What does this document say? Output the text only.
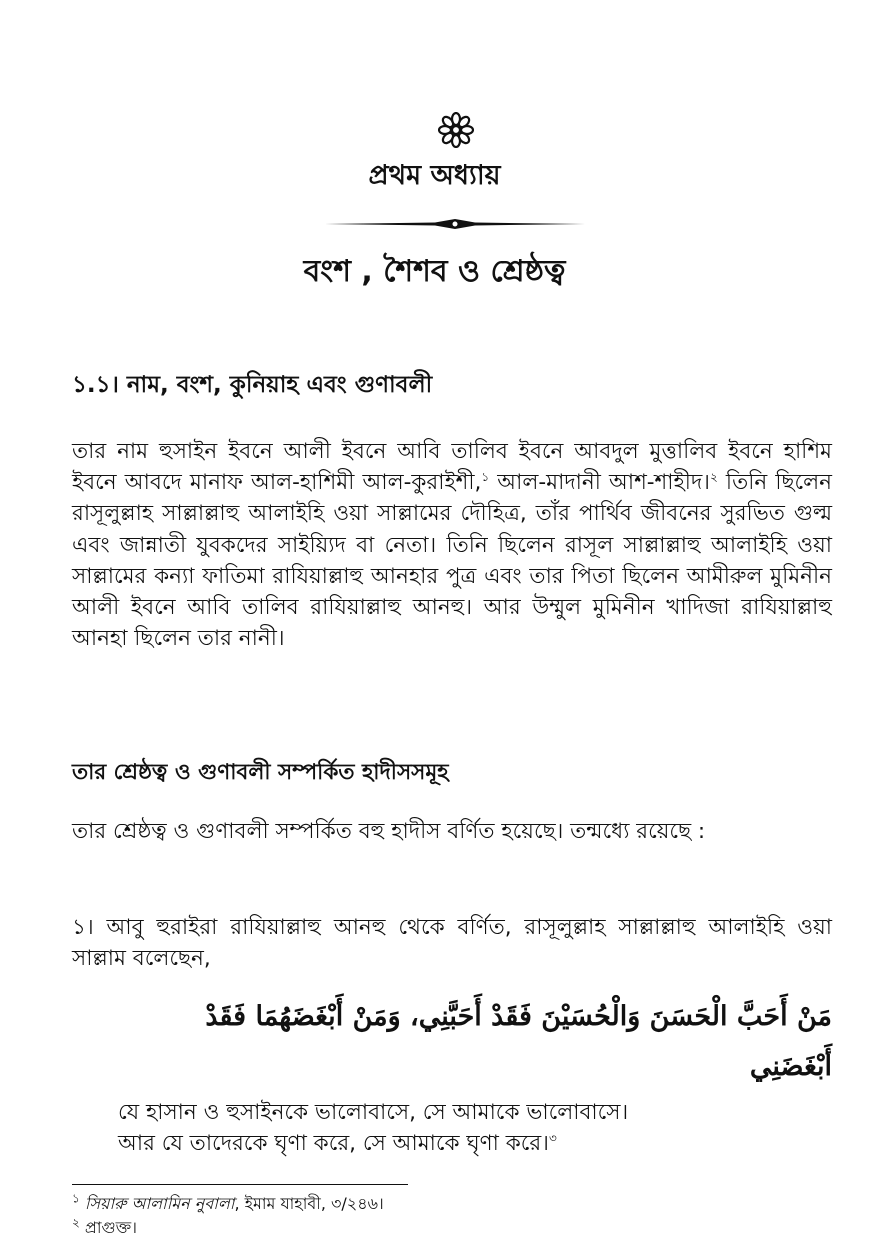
প্রথম অধ্যায়
বংশ , শৈশব ও শ্রেষ্ঠত্ব
১.১। নাম, বংশ, কুনিয়াহ এবং গুণাবলী
তার নাম হুসাইন ইবনে আলী ইবনে আবি তালিব ইবনে আবদুল মুত্তালিব ইবনে হাশিম ইবনে আবদে মানাফ আল-হাশিমী আল-কুরাইশী,$^১$ আল-মাদানী আশ-শাহীদ।$^২$ তিনি ছিলেন রাসূলুল্লাহ সাল্লাল্লাহু আলাইহি ওয়া সাল্লামের দৌহিত্র, তাঁর পার্থিব জীবনের সুরভিত গুল্ম এবং জান্নাতী যুবকদের সাইয়্যিদ বা নেতা। তিনি ছিলেন রাসূল সাল্লাল্লাহু আলাইহি ওয়া সাল্লামের কন্যা ফাতিমা রাযিয়াল্লাহু আনহার পুত্র এবং তার পিতা ছিলেন আমীরুল মুমিনীন আলী ইবনে আবি তালিব রাযিয়াল্লাহু আনহু। আর উম্মুল মুমিনীন খাদিজা রাযিয়াল্লাহু আনহা ছিলেন তার নানী।
তার শ্রেষ্ঠত্ব ও গুণাবলী সম্পর্কিত হাদীসসমূহ
তার শ্রেষ্ঠত্ব ও গুণাবলী সম্পর্কিত বহু হাদীস বর্ণিত হয়েছে। তন্মধ্যে রয়েছে :
১। আবু হুরাইরা রাযিয়াল্লাহু আনহু থেকে বর্ণিত, রাসূলুল্লাহ সাল্লাল্লাহু আলাইহি ওয়া সাল্লাম বলেছেন,
مَنْ أَحَبَّ الْحَسَنَ وَالْحُسَيْنَ فَقَدْ أَحَبَّنِي، وَمَنْ أَبْغَضَهُمَا فَقَدْ أَبْغَضَنِي
যে হাসান ও হুসাইনকে ভালোবাসে, সে আমাকে ভালোবাসে।
আর যে তাদেরকে ঘৃণা করে, সে আমাকে ঘৃণা করে।$^৩$
$^১$ সিয়ারু আলামিন নুবালা, ইমাম যাহাবী, ৩/২৪৬।
$^২$ প্রাগুক্ত।
